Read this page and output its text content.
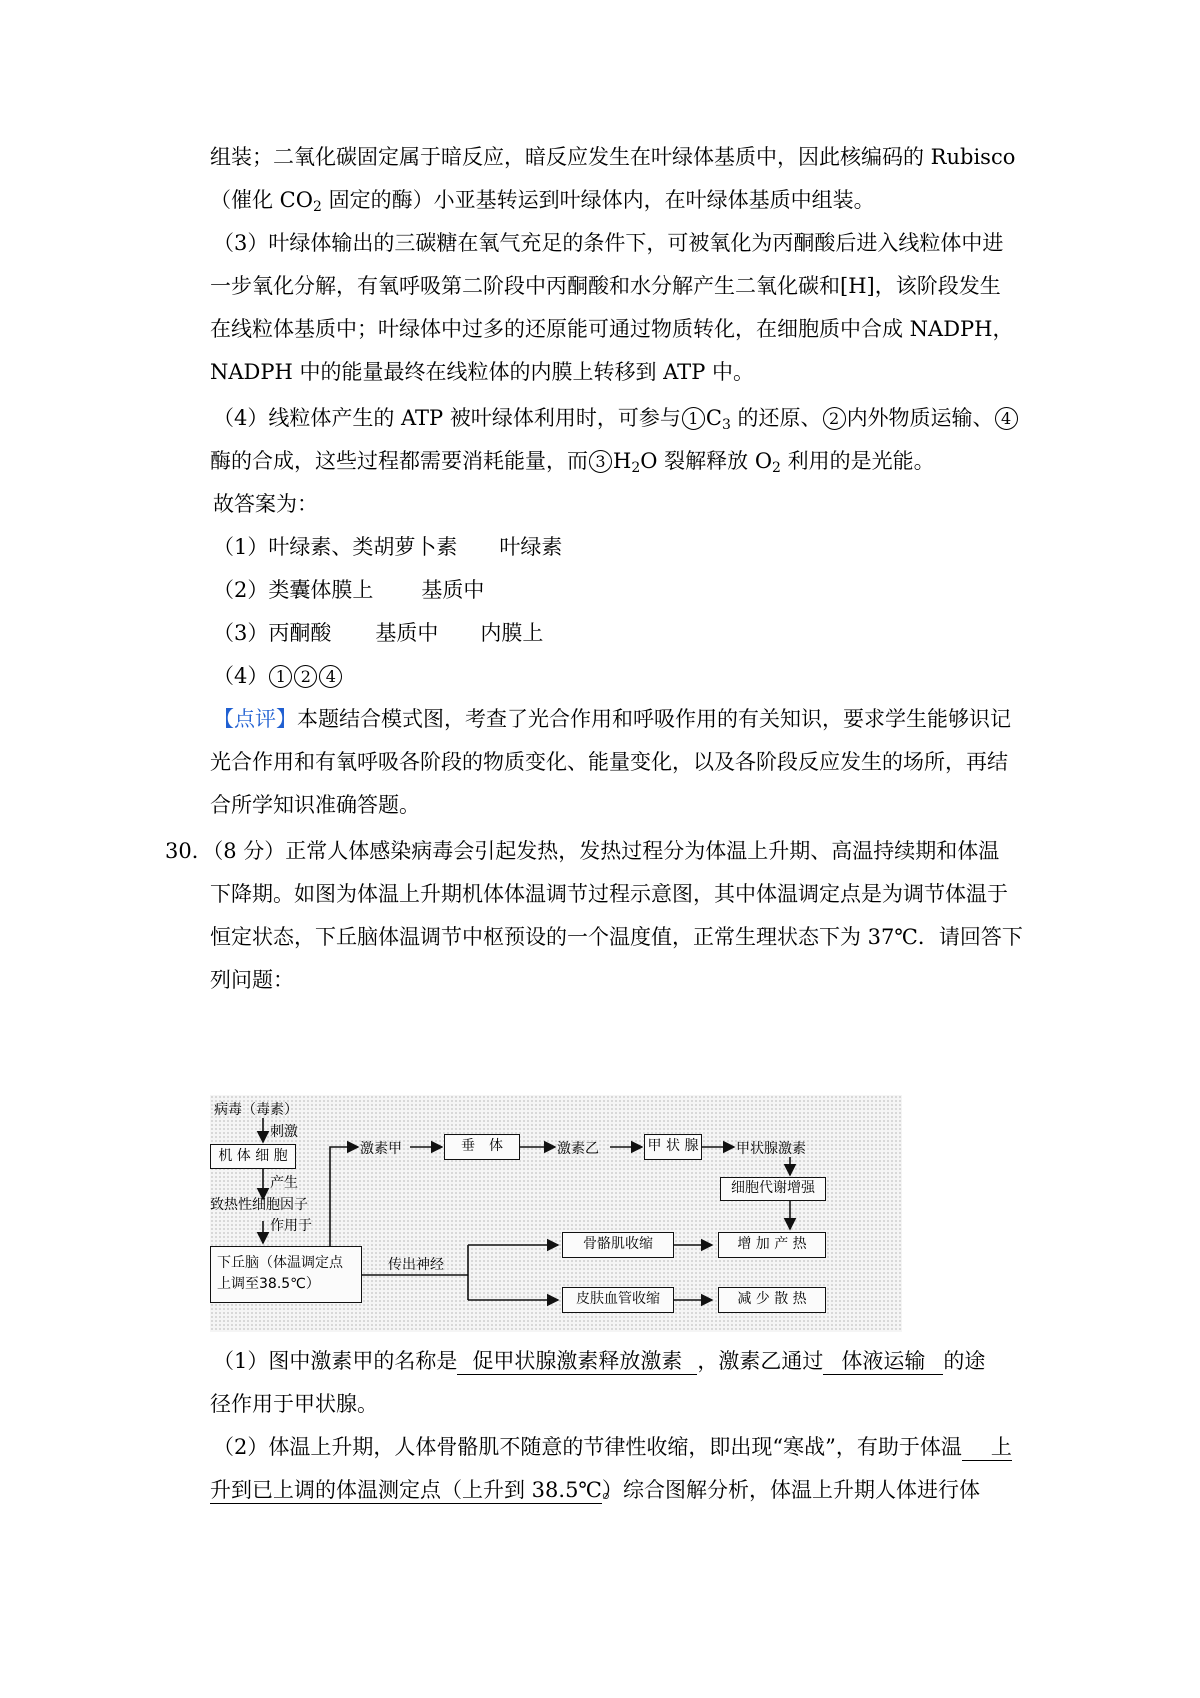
组装；二氧化碳固定属于暗反应，暗反应发生在叶绿体基质中，因此核编码的 Rubisco
（催化 $CO_2$ 固定的酶）小亚基转运到叶绿体内，在叶绿体基质中组装。
（3）叶绿体输出的三碳糖在氧气充足的条件下，可被氧化为丙酮酸后进入线粒体中进
一步氧化分解，有氧呼吸第二阶段中丙酮酸和水分解产生二氧化碳和[H]，该阶段发生
在线粒体基质中；叶绿体中过多的还原能可通过物质转化，在细胞质中合成 NADPH，
NADPH 中的能量最终在线粒体的内膜上转移到 ATP 中。
（4）线粒体产生的 ATP 被叶绿体利用时，可参与 1 $C_3$ 的还原、 2 内外物质运输、 4
酶的合成，这些过程都需要消耗能量，而 3 $H_2O$ 裂解释放 $O_2$ 利用的是光能。
故答案为：
（1）叶绿素、类胡萝卜素 叶绿素
（2）类囊体膜上 基质中
（3）丙酮酸 基质中 内膜上
（4） 1 2 4
【点评】本题结合模式图，考查了光合作用和呼吸作用的有关知识，要求学生能够识记
光合作用和有氧呼吸各阶段的物质变化、能量变化，以及各阶段反应发生的场所，再结
合所学知识准确答题。
30．（8 分）正常人体感染病毒会引起发热，发热过程分为体温上升期、高温持续期和体温
下降期。如图为体温上升期机体体温调节过程示意图，其中体温调定点是为调节体温于
恒定状态，下丘脑体温调节中枢预设的一个温度值，正常生理状态下为 37℃．请回答下
列问题：
病毒（毒素）
刺激
机 体 细 胞
产生
致热性细胞因子
作用于
下丘脑（体温调定点
上调至38.5℃）
传出神经
激素甲	垂　体	激素乙	甲 状 腺	甲状腺激素
细胞代谢增强
骨骼肌收缩	增 加 产 热
皮肤血管收缩	减 少 散 热
（1）图中激素甲的名称是 促甲状腺激素释放激素 ，激素乙通过 体液运输 的途
径作用于甲状腺。
（2）体温上升期，人体骨骼肌不随意的节律性收缩，即出现“寒战”，有助于体温 上
升到已上调的体温测定点（上升到 38.5℃）。综合图解分析，体温上升期人体进行体
